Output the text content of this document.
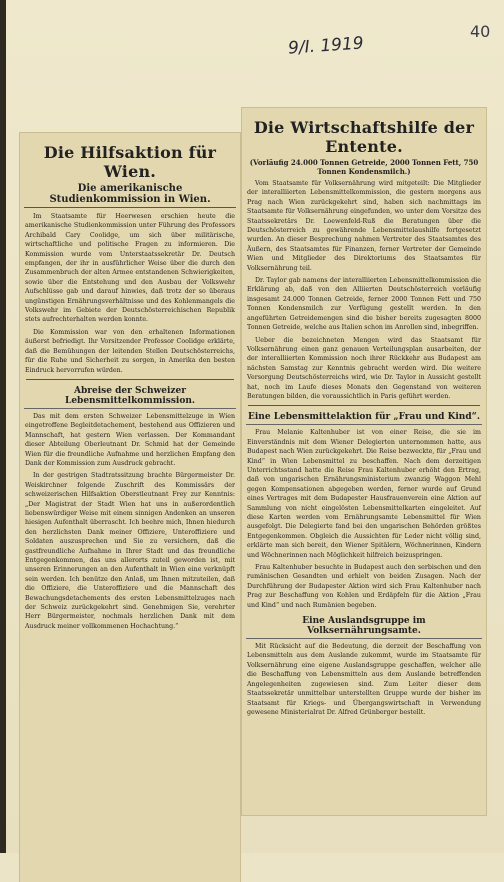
9/I. 1919
40
Die Hilfsaktion für Wien.
Die amerikanische Studienkommission in Wien.

Im Staatsamte für Heerwesen erschien heute die amerikanische Studienkommission unter Führung des Professors Archibald Cary Coolidge, um sich über militärische, wirtschaftliche und politische Fragen zu informieren. Die Kommission wurde vom Unterstaatssekretär Dr. Deutsch empfangen, der ihr in ausführlicher Weise über die durch den Zusammenbruch der alten Armee entstandenen Schwierigkeiten, sowie über die Entstehung und den Ausbau der Volkswehr Aufschlüsse gab und darauf hinwies, daß trotz der so überaus ungünstigen Ernährungsverhältnisse und des Kohlenmangels die Volkswehr im Gebiete der Deutschösterreichischen Republik stets aufrechterhalten werden konnte.

Die Kommission war von den erhaltenen Informationen äußerst befriedigt. Ihr Vorsitzender Professor Coolidge erklärte, daß die Bemühungen der leitenden Stellen Deutschösterreichs, für die Ruhe und Sicherheit zu sorgen, in Amerika den besten Eindruck hervorrufen würden.

Abreise der Schweizer Lebensmittelkommission.

Das mit dem ersten Schweizer Lebensmittelzuge in Wien eingetroffene Begleitdetachement, bestehend aus Offizieren und Mannschaft, hat gestern Wien verlassen. Der Kommandant dieser Abteilung Oberleutnant Dr. Schmid hat der Gemeinde Wien für die freundliche Aufnahme und herzlichen Empfang den Dank der Kommission zum Ausdruck gebracht.

In der gestrigen Stadtratssitzung brachte Bürgermeister Dr. Weiskirchner folgende Zuschrift des Kommissärs der schweizerischen Hilfsaktion Oberstleutnant Frey zur Kenntnis: „Der Magistrat der Stadt Wien hat uns in außerordentlich liebenswürdiger Weise mit einem sinnigen Andenken an unseren hiesigen Aufenthalt überrascht. Ich beehre mich, Ihnen hiedurch den herzlichsten Dank meiner Offiziere, Unteroffiziere und Soldaten auszusprechen und Sie zu versichern, daß die gastfreundliche Aufnahme in Ihrer Stadt und das freundliche Entgegenkommen, das uns allerorts zuteil geworden ist, mit unseren Erinnerungen an den Aufenthalt in Wien eine verknüpft sein werden. Ich benütze den Anlaß, um Ihnen mitzuteilen, daß die Offiziere, die Unteroffiziere und die Mannschaft des Bewachungsdetachements des ersten Lebensmittelzuges nach der Schweiz zurückgekehrt sind. Genehmigen Sie, verehrter Herr Bürgermeister, nochmals herzlichen Dank mit dem Ausdruck meiner vollkommenen Hochachtung.“

Die Wirtschaftshilfe der Entente.
(Vorläufig 24.000 Tonnen Getreide, 2000 Tonnen Fett, 750 Tonnen Kondensmilch.)

Vom Staatsamte für Volksernährung wird mitgeteilt: Die Mitglieder der interalliierten Lebensmittelkommission, die gestern morgens aus Prag nach Wien zurückgekehrt sind, haben sich nachmittags im Staatsamte für Volksernährung eingefunden, wo unter dem Vorsitze des Staatssekretärs Dr. Loewenfeld-Ruß die Beratungen über die Deutschösterreich zu gewährende Lebensmittelaushilfe fortgesetzt wurden. An dieser Besprechung nahmen Vertreter des Staatsamtes des Äußern, des Staatsamtes für Finanzen, ferner Vertreter der Gemeinde Wien und Mitglieder des Direktoriums des Staatsamtes für Volksernährung teil.

Dr. Taylor gab namens der interalliierten Lebensmittelkommission die Erklärung ab, daß von den Alliierten Deutschösterreich vorläufig insgesamt 24.000 Tonnen Getreide, ferner 2000 Tonnen Fett und 750 Tonnen Kondensmilch zur Verfügung gestellt werden. In den angeführten Getreidemengen sind die bisher bereits zugesagten 8000 Tonnen Getreide, welche aus Italien schon im Anrollen sind, inbegriffen.

Ueber die bezeichneten Mengen wird das Staatsamt für Volksernährung einen ganz genauen Verteilungsplan ausarbeiten, der der interalliierten Kommission noch ihrer Rückkehr aus Budapest am nächsten Samstag zur Kenntnis gebracht werden wird. Die weitere Versorgung Deutschösterreichs wird, wie Dr. Taylor in Aussicht gestellt hat, noch im Laufe dieses Monats den Gegenstand von weiteren Beratungen bilden, die voraussichtlich in Paris geführt werden.

Eine Lebensmittelaktion für „Frau und Kind“.

Frau Melanie Kaltenhuber ist von einer Reise, die sie im Einverständnis mit dem Wiener Delegierten unternommen hatte, aus Budapest nach Wien zurückgekehrt. Die Reise bezweckte, für „Frau und Kind“ in Wien Lebensmittel zu beschaffen. Nach dem derzeitigen Unterrichtsstand hatte die Reise Frau Kaltenhuber erhöht den Ertrag, daß von ungarischen Ernährungsministerium zwanzig Waggon Mehl gegen Kompensationen abgegeben werden, ferner wurde auf Grund eines Vertrages mit dem Budapester Hausfrauenverein eine Aktion auf Sammlung von nicht eingelösten Lebensmittelkarten eingeleitet. Auf diese Karten werden vom Ernährungsamte Lebensmittel für Wien ausgefolgt. Die Delegierte fand bei den ungarischen Behörden größtes Entgegenkommen. Obgleich die Aussichten für Leder nicht völlig sind, erklärte man sich bereit, den Wiener Spitälern, Wöchnerinnen, Kindern und Wöchnerinnen nach Möglichkeit hilfreich beizuspringen.

Frau Kaltenhuber besuchte in Budapest auch den serbischen und den rumänischen Gesandten und erhielt von beiden Zusagen. Nach der Durchführung der Budapester Aktion wird sich Frau Kaltenhuber nach Prag zur Beschaffung von Kohlen und Erdäpfeln für die Aktion „Frau und Kind“ und nach Rumänien begeben.

Eine Auslandsgruppe im Volksernährungsamte.

Mit Rücksicht auf die Bedeutung, die derzeit der Beschaffung von Lebensmitteln aus dem Auslande zukommt, wurde im Staatsamte für Volksernährung eine eigene Auslandsgruppe geschaffen, welcher alle die Beschaffung von Lebensmitteln aus dem Auslande betreffenden Angelegenheiten zugewiesen sind. Zum Leiter dieser dem Staatssekretär unmittelbar unterstellten Gruppe wurde der bisher im Staatsamt für Kriegs- und Übergangswirtschaft in Verwendung gewesene Ministerialrat Dr. Alfred Grünberger bestellt.
